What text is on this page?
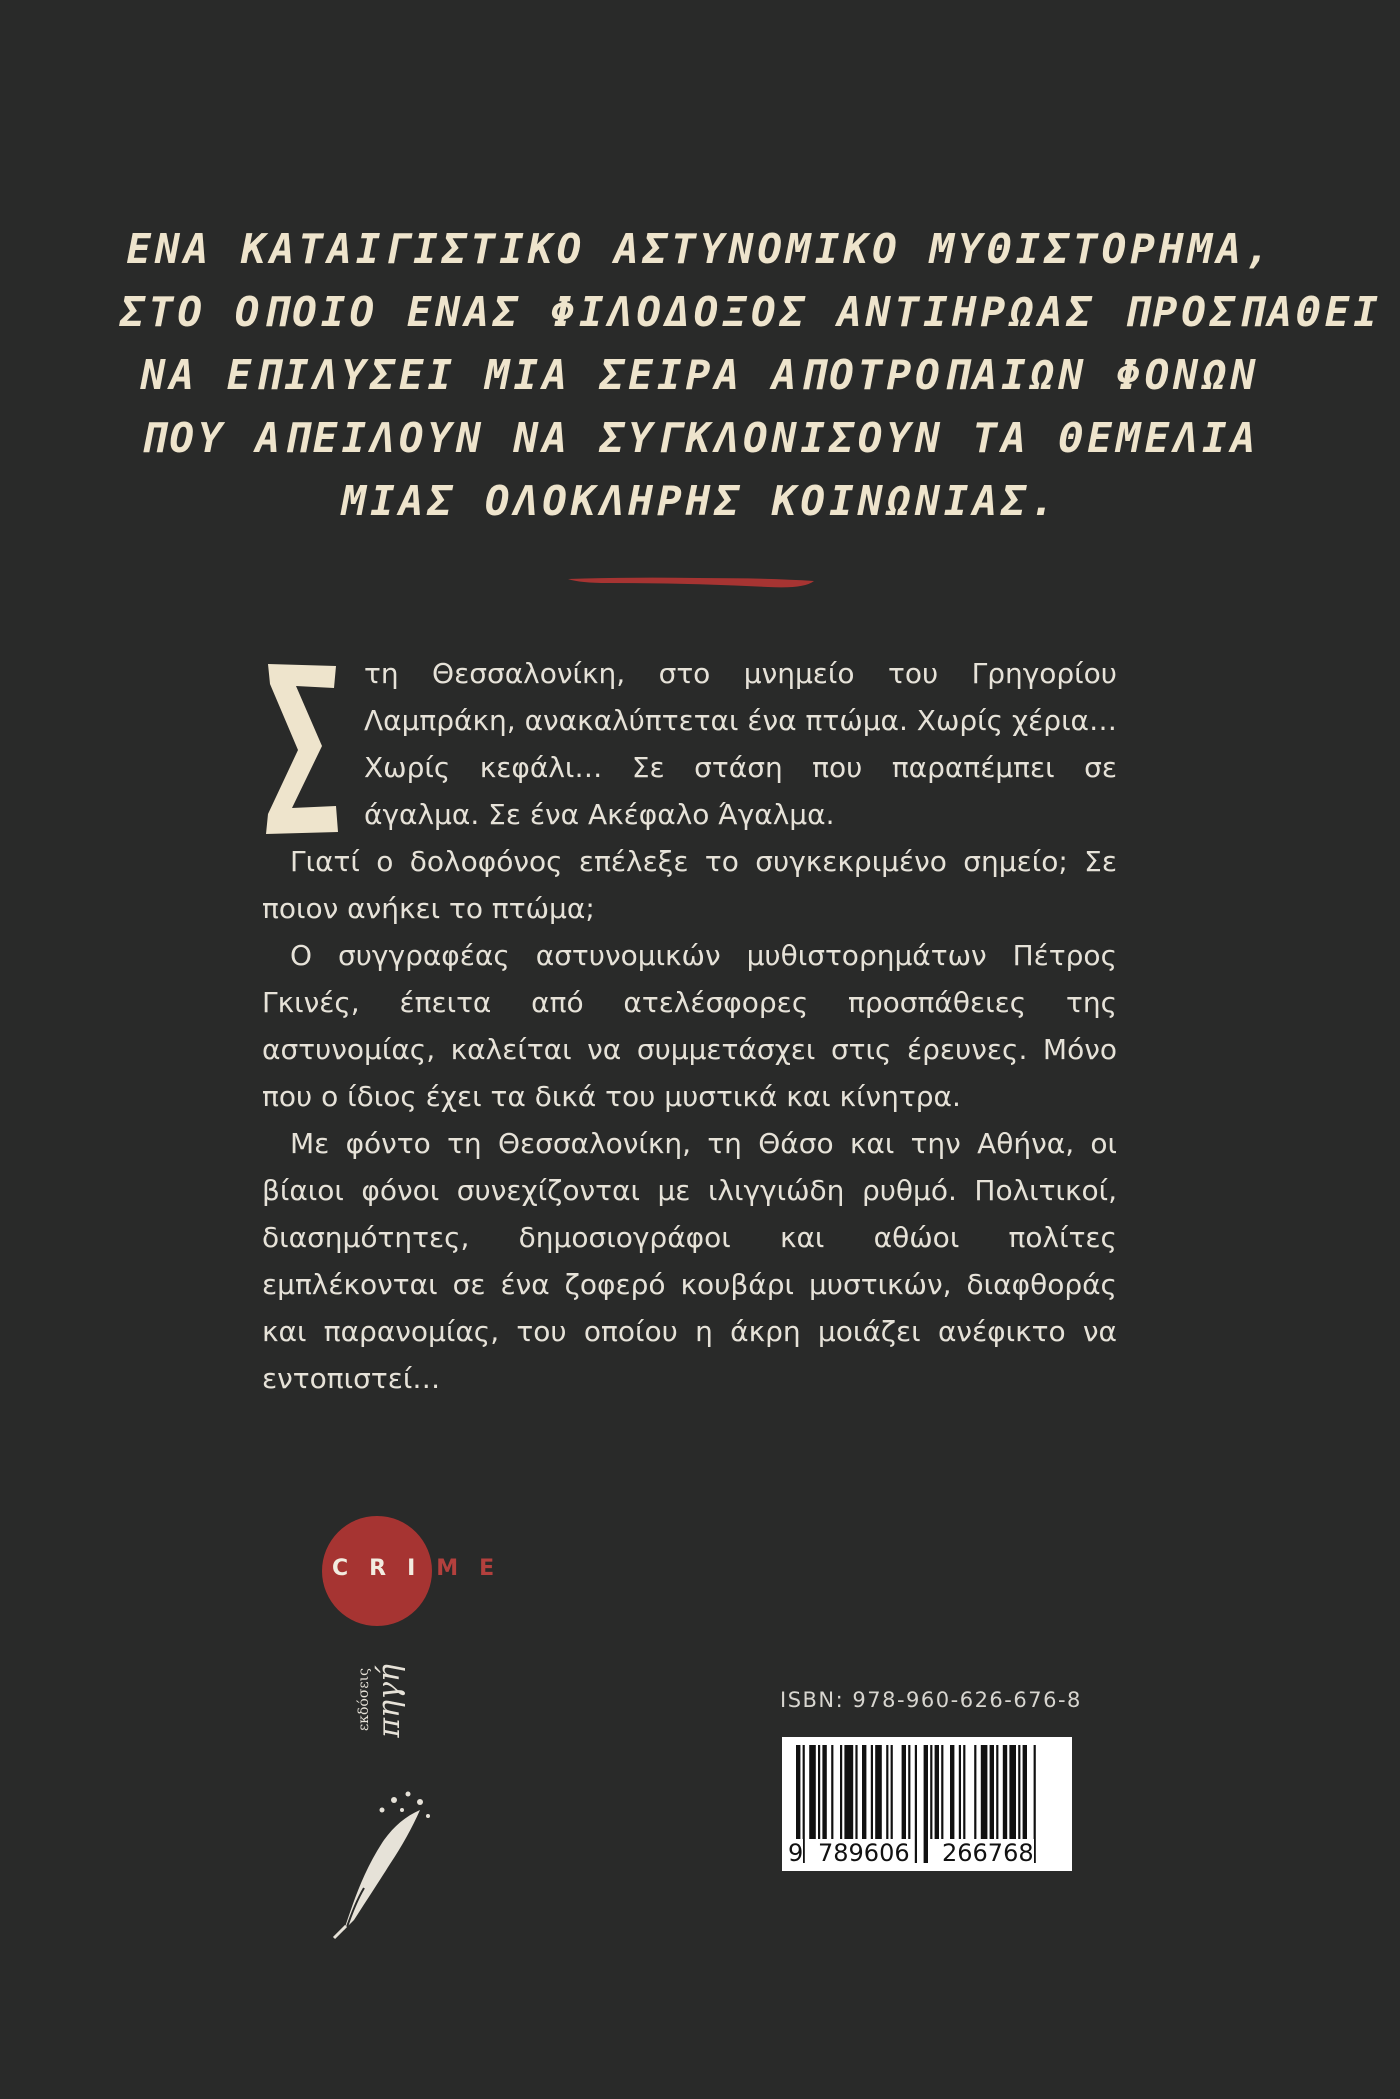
ΕΝΑ ΚΑΤΑΙΓΙΣΤΙΚΟ ΑΣΤΥΝΟΜΙΚΟ ΜΥΘΙΣΤΟΡΗΜΑ,
ΣΤΟ ΟΠΟΙΟ ΕΝΑΣ ΦΙΛΟΔΟΞΟΣ ΑΝΤΙΗΡΩΑΣ ΠΡΟΣΠΑΘΕΙ
ΝΑ ΕΠΙΛΥΣΕΙ ΜΙΑ ΣΕΙΡΑ ΑΠΟΤΡΟΠΑΙΩΝ ΦΟΝΩΝ
ΠΟΥ ΑΠΕΙΛΟΥΝ ΝΑ ΣΥΓΚΛΟΝΙΣΟΥΝ ΤΑ ΘΕΜΕΛΙΑ
ΜΙΑΣ ΟΛΟΚΛΗΡΗΣ ΚΟΙΝΩΝΙΑΣ.

τη Θεσσαλονίκη, στο μνημείο του Γρηγορίου Λαμπράκη, ανακαλύπτεται ένα πτώμα. Χωρίς χέρια… Χωρίς κεφάλι… Σε στάση που παραπέμπει σε άγαλμα. Σε ένα Ακέφαλο Άγαλμα.

Γιατί ο δολοφόνος επέλεξε το συγκεκριμένο σημείο; Σε ποιον ανήκει το πτώμα;

Ο συγγραφέας αστυνομικών μυθιστορημάτων Πέτρος Γκινές, έπειτα από ατελέσφορες προσπάθειες της αστυνομίας, καλείται να συμμετάσχει στις έρευνες. Μόνο που ο ίδιος έχει τα δικά του μυστικά και κίνητρα.

Με φόντο τη Θεσσαλονίκη, τη Θάσο και την Αθήνα, οι βίαιοι φόνοι συνεχίζονται με ιλιγγιώδη ρυθμό. Πολιτικοί, διασημότητες, δημοσιογράφοι και αθώοι πολίτες εμπλέκονται σε ένα ζοφερό κουβάρι μυστικών, διαφθοράς και παρανομίας, του οποίου η άκρη μοιάζει ανέφικτο να εντοπιστεί…

CRIME
εκδόσεις πηγή	ISBN: 978-960-626-676-8
9 789606 266768
